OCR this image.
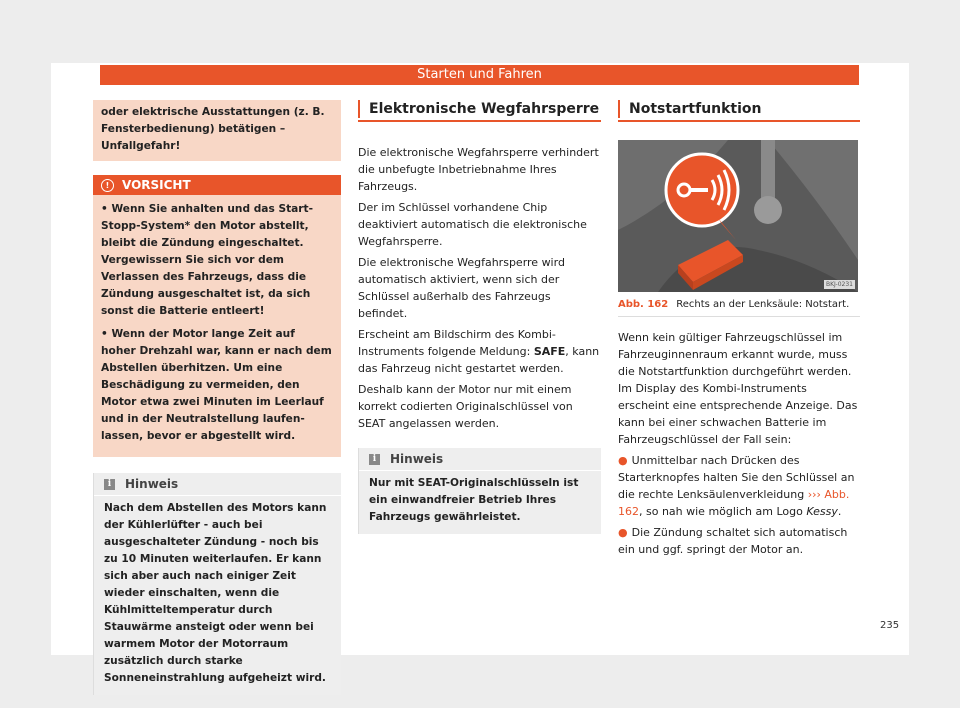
Starten und Fahren
oder elektrische Ausstattungen (z. B. Fensterbedienung) betätigen – Unfallgefahr!
! VORSICHT

• Wenn Sie anhalten und das Start-Stopp-System* den Motor abstellt, bleibt die Zündung eingeschaltet. Vergewissern Sie sich vor dem Verlassen des Fahrzeugs, dass die Zündung ausgeschaltet ist, da sich sonst die Batterie entleert!

• Wenn der Motor lange Zeit auf hoher Drehzahl war, kann er nach dem Abstellen überhitzen. Um eine Beschädigung zu vermeiden, den Motor etwa zwei Minuten im Leerlauf und in der Neutralstellung laufen-lassen, bevor er abgestellt wird.

i Hinweis
Nach dem Abstellen des Motors kann der Kühlerlüfter - auch bei ausgeschalteter Zündung - noch bis zu 10 Minuten weiterlaufen. Er kann sich aber auch nach einiger Zeit wieder einschalten, wenn die Kühlmitteltemperatur durch Stauwärme ansteigt oder wenn bei warmem Motor der Motorraum zusätzlich durch starke Sonneneinstrahlung aufgeheizt wird.
Elektronische Wegfahrsperre

Die elektronische Wegfahrsperre verhindert die unbefugte Inbetriebnahme Ihres Fahrzeugs.

Der im Schlüssel vorhandene Chip deaktiviert automatisch die elektronische Wegfahrsperre.

Die elektronische Wegfahrsperre wird automatisch aktiviert, wenn sich der Schlüssel außerhalb des Fahrzeugs befindet.

Erscheint am Bildschirm des Kombi-Instruments folgende Meldung: SAFE, kann das Fahrzeug nicht gestartet werden.

Deshalb kann der Motor nur mit einem korrekt codierten Originalschlüssel von SEAT angelassen werden.

i Hinweis
Nur mit SEAT-Originalschlüsseln ist ein einwandfreier Betrieb Ihres Fahrzeugs gewährleistet.
Notstartfunktion
BKJ-0231
Abb. 162 Rechts an der Lenksäule: Notstart.

Wenn kein gültiger Fahrzeugschlüssel im Fahrzeuginnenraum erkannt wurde, muss die Notstartfunktion durchgeführt werden. Im Display des Kombi-Instruments erscheint eine entsprechende Anzeige. Das kann bei einer schwachen Batterie im Fahrzeugschlüssel der Fall sein:

● Unmittelbar nach Drücken des Starterknopfes halten Sie den Schlüssel an die rechte Lenksäulenverkleidung ››› Abb. 162, so nah wie möglich am Logo Kessy.

● Die Zündung schaltet sich automatisch ein und ggf. springt der Motor an.

235
